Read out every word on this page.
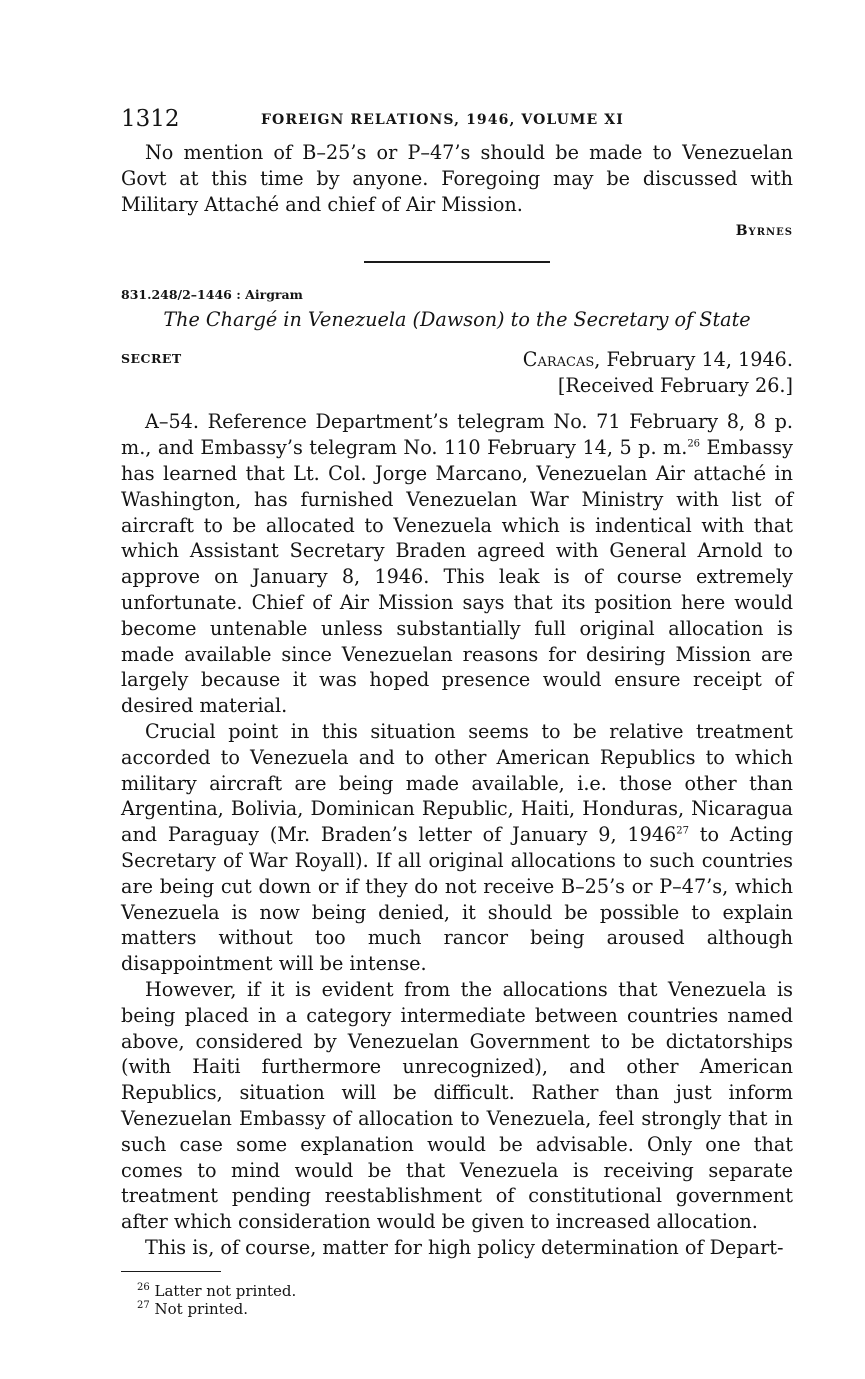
1312	FOREIGN RELATIONS, 1946, VOLUME XI

No mention of B–25’s or P–47’s should be made to Venezuelan Govt at this time by anyone. Foregoing may be discussed with Military Attaché and chief of Air Mission.

Byrnes

831.248/2–1446 : Airgram

The Chargé in Venezuela (Dawson) to the Secretary of State

SECRET	Caracas, February 14, 1946.
[Received February 26.]

A–54. Reference Department’s telegram No. 71 February 8, 8 p. m., and Embassy’s telegram No. 110 February 14, 5 p. m.$^{26}$ Embassy has learned that Lt. Col. Jorge Marcano, Venezuelan Air attaché in Washington, has furnished Venezuelan War Ministry with list of aircraft to be allocated to Venezuela which is indentical with that which Assistant Secretary Braden agreed with General Arnold to approve on January 8, 1946. This leak is of course extremely unfortunate. Chief of Air Mission says that its position here would become untenable unless substantially full original allocation is made available since Venezuelan reasons for desiring Mission are largely because it was hoped presence would ensure receipt of desired material.

Crucial point in this situation seems to be relative treatment accorded to Venezuela and to other American Republics to which military aircraft are being made available, i.e. those other than Argentina, Bolivia, Dominican Republic, Haiti, Honduras, Nicaragua and Paraguay (Mr. Braden’s letter of January 9, 1946$^{27}$ to Acting Secretary of War Royall). If all original allocations to such countries are being cut down or if they do not receive B–25’s or P–47’s, which Venezuela is now being denied, it should be possible to explain matters without too much rancor being aroused although disappointment will be intense.

However, if it is evident from the allocations that Venezuela is being placed in a category intermediate between countries named above, considered by Venezuelan Government to be dictatorships (with Haiti furthermore unrecognized), and other American Republics, situation will be difficult. Rather than just inform Venezuelan Embassy of allocation to Venezuela, feel strongly that in such case some explanation would be advisable. Only one that comes to mind would be that Venezuela is receiving separate treatment pending reestablishment of constitutional government after which consideration would be given to increased allocation.

This is, of course, matter for high policy determination of Depart-

$^{26}$ Latter not printed.

$^{27}$ Not printed.
